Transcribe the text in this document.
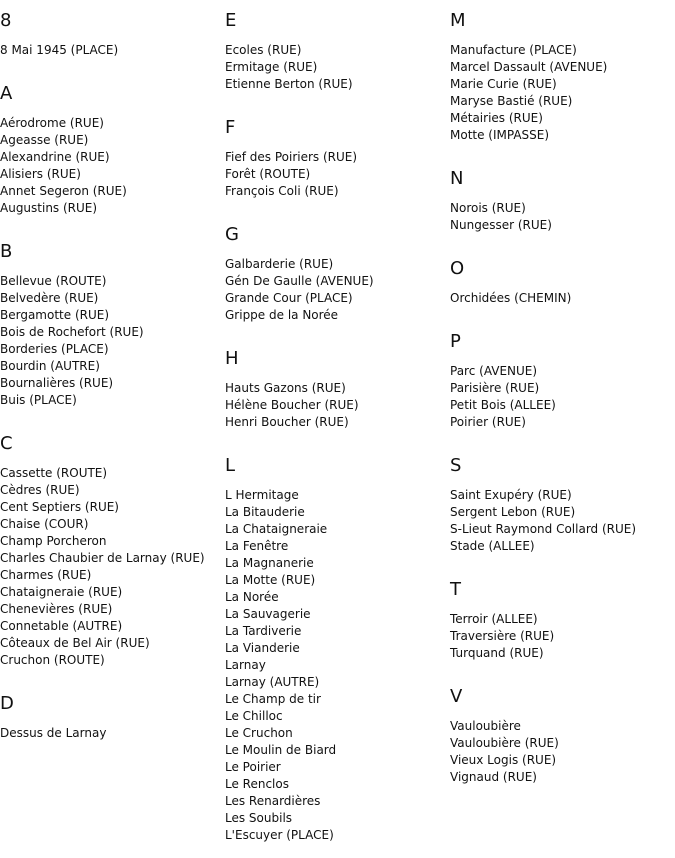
8
8 Mai 1945 (PLACE)
A
Aérodrome (RUE)
Ageasse (RUE)
Alexandrine (RUE)
Alisiers (RUE)
Annet Segeron (RUE)
Augustins (RUE)
B
Bellevue (ROUTE)
Belvedère (RUE)
Bergamotte (RUE)
Bois de Rochefort (RUE)
Borderies (PLACE)
Bourdin (AUTRE)
Bournalières (RUE)
Buis (PLACE)
C
Cassette (ROUTE)
Cèdres (RUE)
Cent Septiers (RUE)
Chaise (COUR)
Champ Porcheron
Charles Chaubier de Larnay (RUE)
Charmes (RUE)
Chataigneraie (RUE)
Chenevières (RUE)
Connetable (AUTRE)
Côteaux de Bel Air (RUE)
Cruchon (ROUTE)
D
Dessus de Larnay
E
Ecoles (RUE)
Ermitage (RUE)
Etienne Berton (RUE)
F
Fief des Poiriers (RUE)
Forêt (ROUTE)
François Coli (RUE)
G
Galbarderie (RUE)
Gén De Gaulle (AVENUE)
Grande Cour (PLACE)
Grippe de la Norée
H
Hauts Gazons (RUE)
Hélène Boucher (RUE)
Henri Boucher (RUE)
L
L Hermitage
La Bitauderie
La Chataigneraie
La Fenêtre
La Magnanerie
La Motte (RUE)
La Norée
La Sauvagerie
La Tardiverie
La Vianderie
Larnay
Larnay (AUTRE)
Le Champ de tir
Le Chilloc
Le Cruchon
Le Moulin de Biard
Le Poirier
Le Renclos
Les Renardières
Les Soubils
L'Escuyer (PLACE)
M
Manufacture (PLACE)
Marcel Dassault (AVENUE)
Marie Curie (RUE)
Maryse Bastié (RUE)
Métairies (RUE)
Motte (IMPASSE)
N
Norois (RUE)
Nungesser (RUE)
O
Orchidées (CHEMIN)
P
Parc (AVENUE)
Parisière (RUE)
Petit Bois (ALLEE)
Poirier (RUE)
S
Saint Exupéry (RUE)
Sergent Lebon (RUE)
S-Lieut Raymond Collard (RUE)
Stade (ALLEE)
T
Terroir (ALLEE)
Traversière (RUE)
Turquand (RUE)
V
Vauloubière
Vauloubière (RUE)
Vieux Logis (RUE)
Vignaud (RUE)
